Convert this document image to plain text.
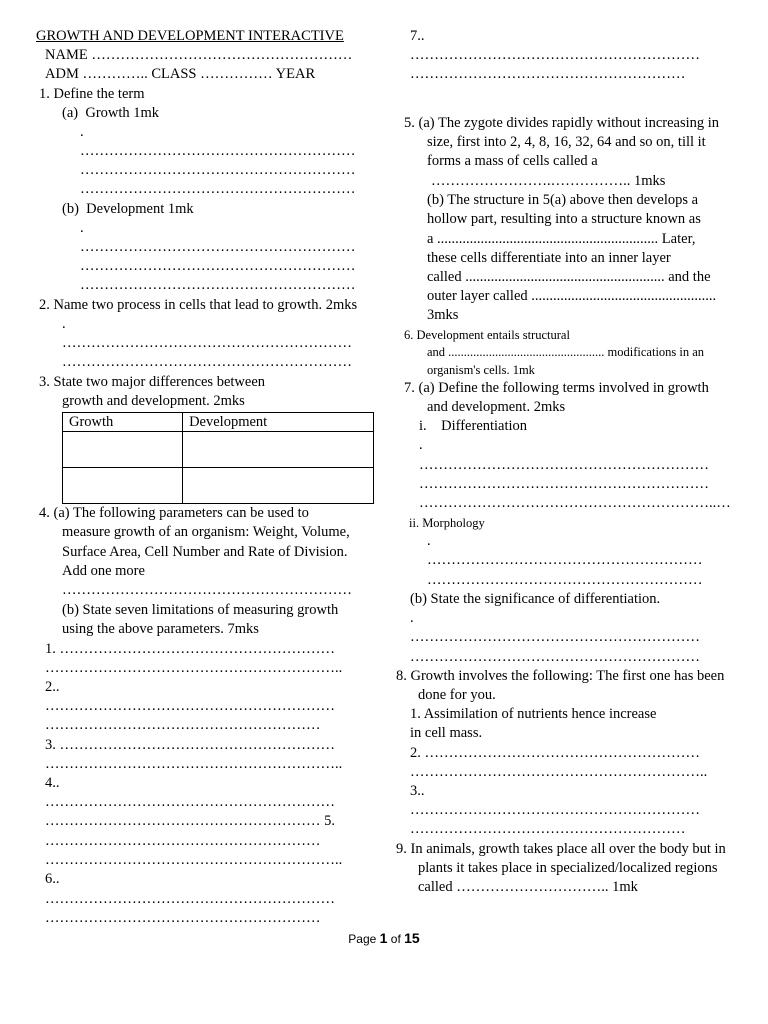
GROWTH AND DEVELOPMENT INTERACTIVE
NAME ………………………………………………
ADM ………….. CLASS …………… YEAR
1. Define the term
(a)  Growth 1mk
.
…………………………………………………
…………………………………………………
…………………………………………………
(b)  Development 1mk
.
…………………………………………………
…………………………………………………
…………………………………………………
2. Name two process in cells that lead to growth. 2mks
.
……………………………………………………
……………………………………………………
3. State two major differences between
growth and development. 2mks
Growth	Development

4. (a) The following parameters can be used to
measure growth of an organism: Weight, Volume,
Surface Area, Cell Number and Rate of Division.
Add one more
……………………………………………………
(b) State seven limitations of measuring growth
using the above parameters. 7mks
1. …………………………………………………
……………………………………………………..
2..
……………………………………………………
…………………………………………………
3. …………………………………………………
……………………………………………………..
4..
……………………………………………………
………………………………………………… 5.
…………………………………………………
……………………………………………………..
6..
……………………………………………………
…………………………………………………
7..
……………………………………………………
…………………………………………………
5. (a) The zygote divides rapidly without increasing in
size, first into 2, 4, 8, 16, 32, 64 and so on, till it
forms a mass of cells called a
…………………….…………….. 1mks
(b) The structure in 5(a) above then develops a
hollow part, resulting into a structure known as
a ............................................................. Later,
these cells differentiate into an inner layer
called ....................................................... and the
outer layer called ...................................................
3mks
6. Development entails structural
and .................................................. modifications in an
organism's cells. 1mk
7. (a) Define the following terms involved in growth
and development. 2mks
i.    Differentiation
.
……………………………………………………
……………………………………………………
……………………………………………………..…
ii. Morphology
.
…………………………………………………
…………………………………………………
(b) State the significance of differentiation.
.
……………………………………………………
……………………………………………………
8. Growth involves the following: The first one has been
done for you.
1. Assimilation of nutrients hence increase
in cell mass.
2. …………………………………………………
……………………………………………………..
3..
……………………………………………………
…………………………………………………
9. In animals, growth takes place all over the body but in
plants it takes place in specialized/localized regions
called ………………………….. 1mk
Page 1 of 15
